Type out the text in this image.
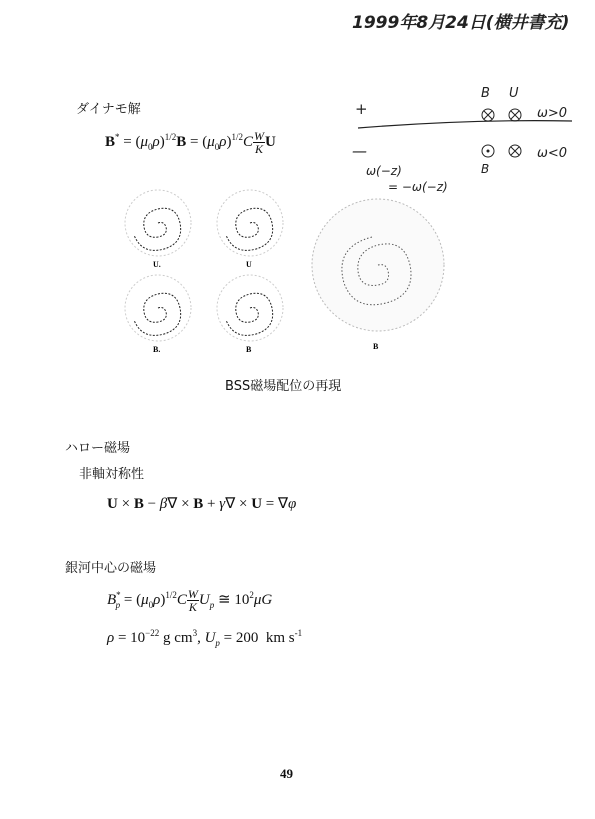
1999年8月24日(横井書充)
ダイナモ解
$B^* = (\mu_0\rho)^{1/2}B = (\mu_0\rho)^{1/2}C \frac{W}{K}$ U
+
B U
ω>0
—	ω<0
ω(−z)
= −ω(−z)
B
U.	U
B.	B	B
BSS磁場配位の再現
ハロー磁場
非軸対称性
U × B − β∇ × B + γ∇ × U = ∇φ
銀河中心の磁場
$B^*_p = (\mu_0\rho)^{1/2}C \frac{W}{K} U_p$ ≅ $10^2\mu G$
$\rho = 10^{-22}$ g $cm^3$, $U_p = 200$  km $s^{-1}$
49
